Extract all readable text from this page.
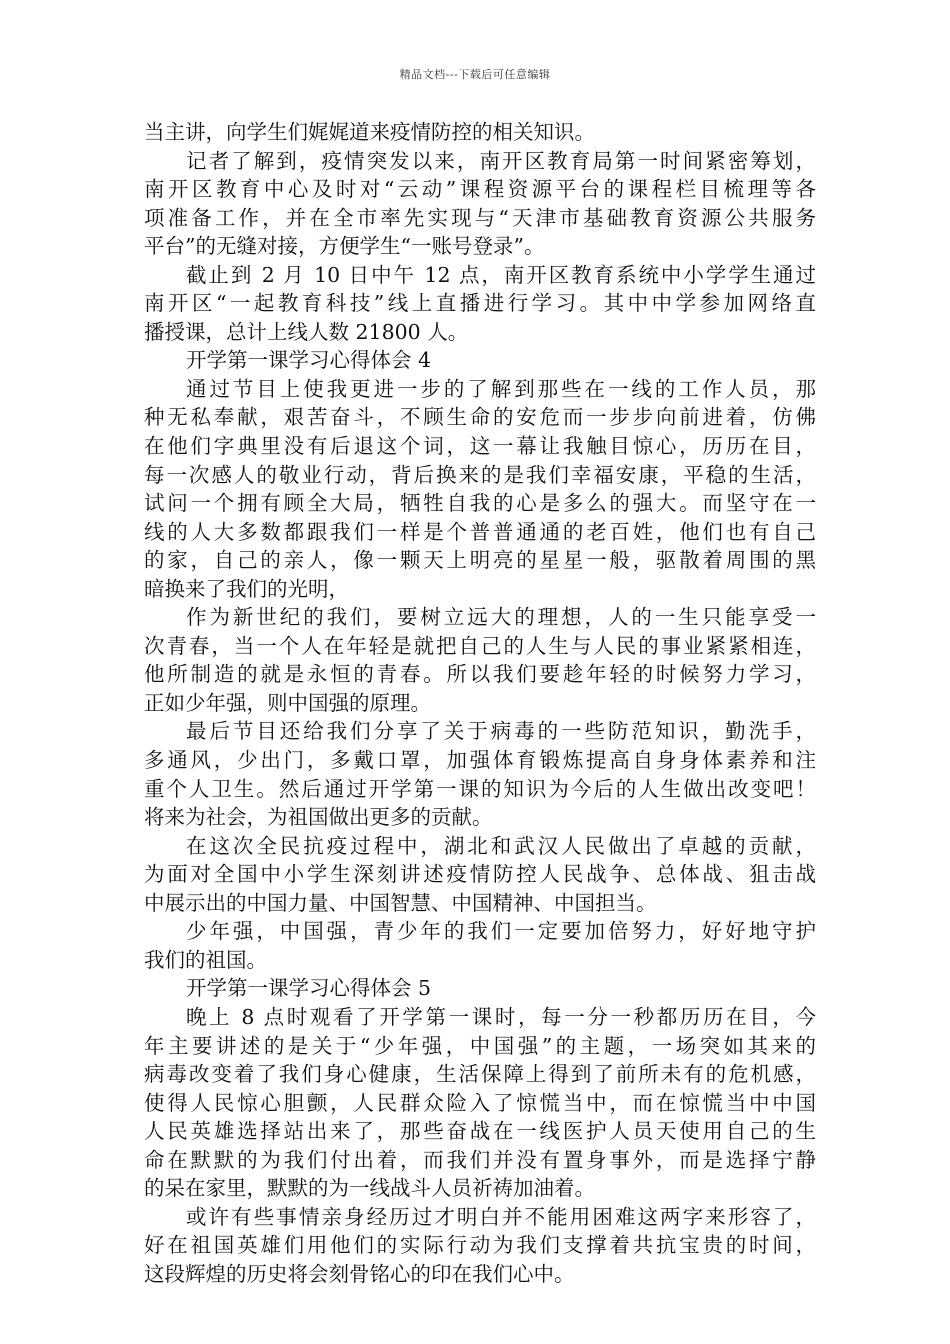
精品文档---下载后可任意编辑
当主讲，向学生们娓娓道来疫情防控的相关知识。
记者了解到，疫情突发以来，南开区教育局第一时间紧密筹划，
南开区教育中心及时对“云动”课程资源平台的课程栏目梳理等各
项准备工作，并在全市率先实现与“天津市基础教育资源公共服务
平台”的无缝对接，方便学生“一账号登录”。
截止到 2 月 10 日中午 12 点，南开区教育系统中小学学生通过
南开区“一起教育科技”线上直播进行学习。其中中学参加网络直
播授课，总计上线人数 21800 人。
开学第一课学习心得体会 4
通过节目上使我更进一步的了解到那些在一线的工作人员，那
种无私奉献，艰苦奋斗，不顾生命的安危而一步步向前进着，仿佛
在他们字典里没有后退这个词，这一幕让我触目惊心，历历在目，
每一次感人的敬业行动，背后换来的是我们幸福安康，平稳的生活，
试问一个拥有顾全大局，牺牲自我的心是多么的强大。而坚守在一
线的人大多数都跟我们一样是个普普通通的老百姓，他们也有自己
的家，自己的亲人，像一颗天上明亮的星星一般，驱散着周围的黑
暗换来了我们的光明，
作为新世纪的我们，要树立远大的理想，人的一生只能享受一
次青春，当一个人在年轻是就把自己的人生与人民的事业紧紧相连，
他所制造的就是永恒的青春。所以我们要趁年轻的时候努力学习，
正如少年强，则中国强的原理。
最后节目还给我们分享了关于病毒的一些防范知识，勤洗手，
多通风，少出门，多戴口罩，加强体育锻炼提高自身身体素养和注
重个人卫生。然后通过开学第一课的知识为今后的人生做出改变吧！
将来为社会，为祖国做出更多的贡献。
在这次全民抗疫过程中，湖北和武汉人民做出了卓越的贡献，
为面对全国中小学生深刻讲述疫情防控人民战争、总体战、狙击战
中展示出的中国力量、中国智慧、中国精神、中国担当。
少年强，中国强，青少年的我们一定要加倍努力，好好地守护
我们的祖国。
开学第一课学习心得体会 5
晚上 8 点时观看了开学第一课时，每一分一秒都历历在目，今
年主要讲述的是关于“少年强，中国强”的主题，一场突如其来的
病毒改变着了我们身心健康，生活保障上得到了前所未有的危机感，
使得人民惊心胆颤，人民群众险入了惊慌当中，而在惊慌当中中国
人民英雄选择站出来了，那些奋战在一线医护人员天使用自己的生
命在默默的为我们付出着，而我们并没有置身事外，而是选择宁静
的呆在家里，默默的为一线战斗人员祈祷加油着。
或许有些事情亲身经历过才明白并不能用困难这两字来形容了，
好在祖国英雄们用他们的实际行动为我们支撑着共抗宝贵的时间，
这段辉煌的历史将会刻骨铭心的印在我们心中。
